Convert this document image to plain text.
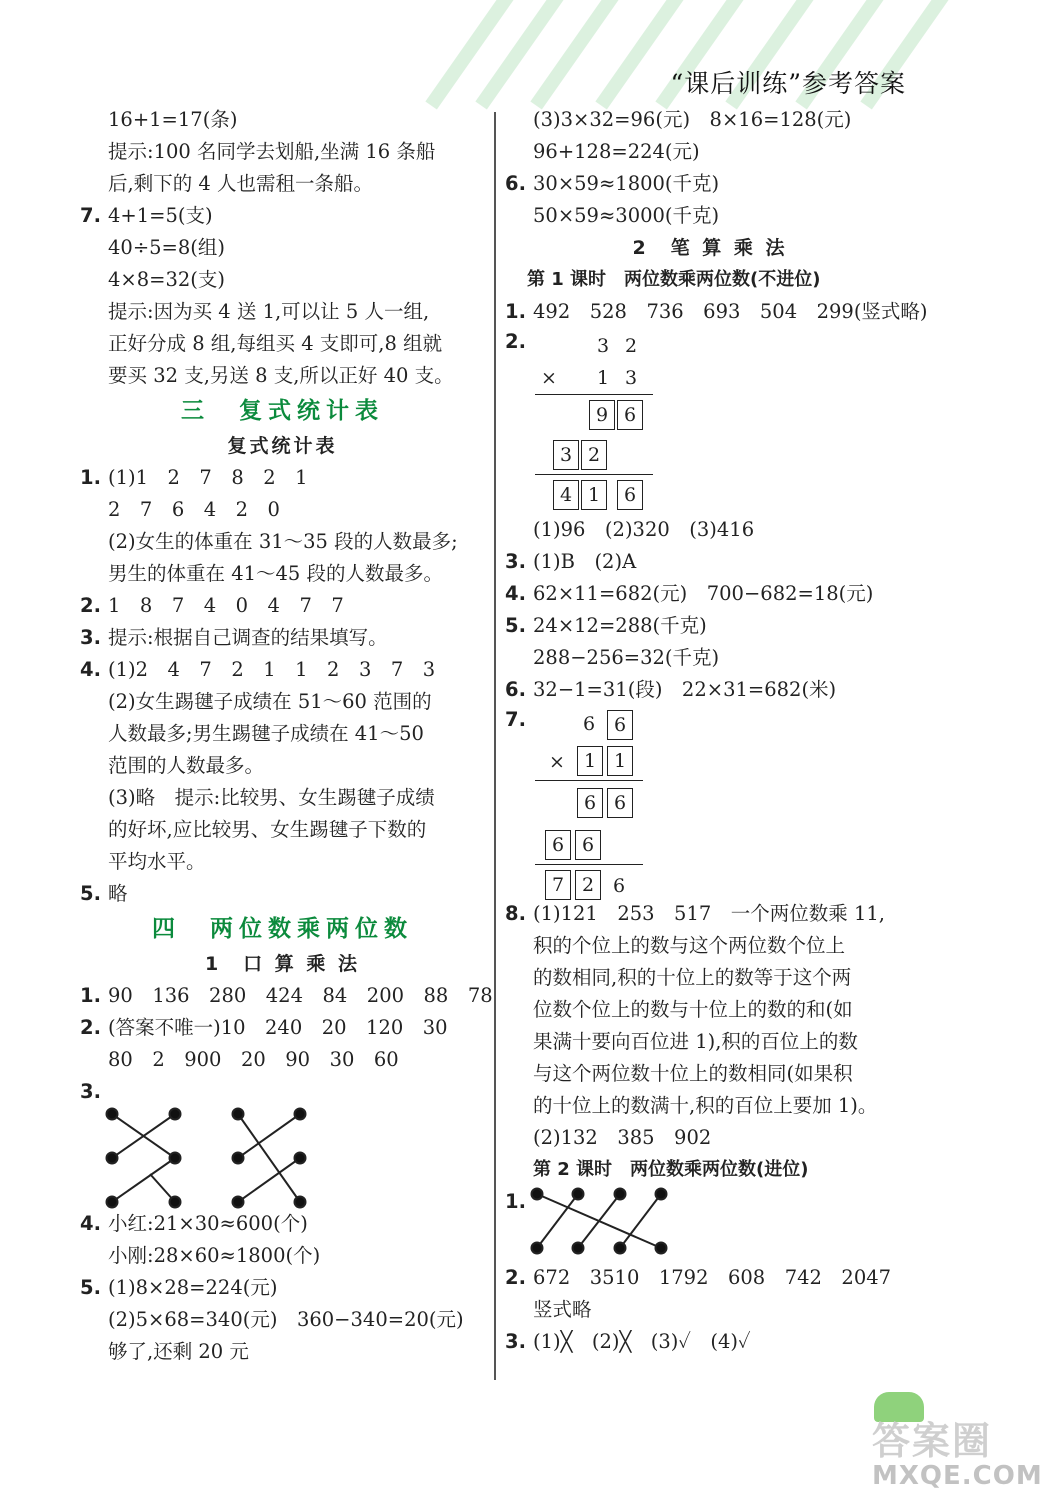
“课后训练”参考答案
16+1=17(条)
提示:100 名同学去划船,坐满 16 条船
后,剩下的 4 人也需租一条船。
7. 4+1=5(支)
40÷5=8(组)
4×8=32(支)
提示:因为买 4 送 1,可以让 5 人一组,
正好分成 8 组,每组买 4 支即可,8 组就
要买 32 支,另送 8 支,所以正好 40 支。
三　复式统计表
复式统计表
1. (1)1　2　7　8　2　1
2　7　6　4　2　0
(2)女生的体重在 31～35 段的人数最多;
男生的体重在 41～45 段的人数最多。
2. 1　8　7　4　0　4　7　7
3. 提示:根据自己调查的结果填写。
4. (1)2　4　7　2　1　1　2　3　7　3
(2)女生踢毽子成绩在 51～60 范围的
人数最多;男生踢毽子成绩在 41～50
范围的人数最多。
(3)略　提示:比较男、女生踢毽子成绩
的好坏,应比较男、女生踢毽子下数的
平均水平。
5. 略
四　两位数乘两位数
1　口 算 乘 法
1. 90　136　280　424　84　200　88　78
2. (答案不唯一)10　240　20　120　30
80　2　900　20　90　30　60
3.
4. 小红:21×30≈600(个)
小刚:28×60≈1800(个)
5. (1)8×28=224(元)
(2)5×68=340(元)　360−340=20(元)
够了,还剩 20 元
(3)3×32=96(元)　8×16=128(元)
96+128=224(元)
6. 30×59≈1800(千克)
50×59≈3000(千克)
2　笔 算 乘 法
第 1 课时　两位数乘两位数(不进位)
1. 492　528　736　693　504　299(竖式略)
2.	3 2
×	1 3
9 6
3 2
4 1	6
(1)96　(2)320　(3)416
3. (1)B　(2)A
4. 62×11=682(元)　700−682=18(元)
5. 24×12=288(千克)
288−256=32(千克)
6. 32−1=31(段)　22×31=682(米)
7.	6 6
×	1 1
6 6
6 6
7 2 6
8. (1)121　253　517　一个两位数乘 11,
积的个位上的数与这个两位数个位上
的数相同,积的十位上的数等于这个两
位数个位上的数与十位上的数的和(如
果满十要向百位进 1),积的百位上的数
与这个两位数十位上的数相同(如果积
的十位上的数满十,积的百位上要加 1)。
(2)132　385　902
第 2 课时　两位数乘两位数(进位)
1.
2. 672　3510　1792　608　742　2047
竖式略
3. (1)╳　(2)╳　(3)✓　(4)✓
答案圈
MXQE.COM
